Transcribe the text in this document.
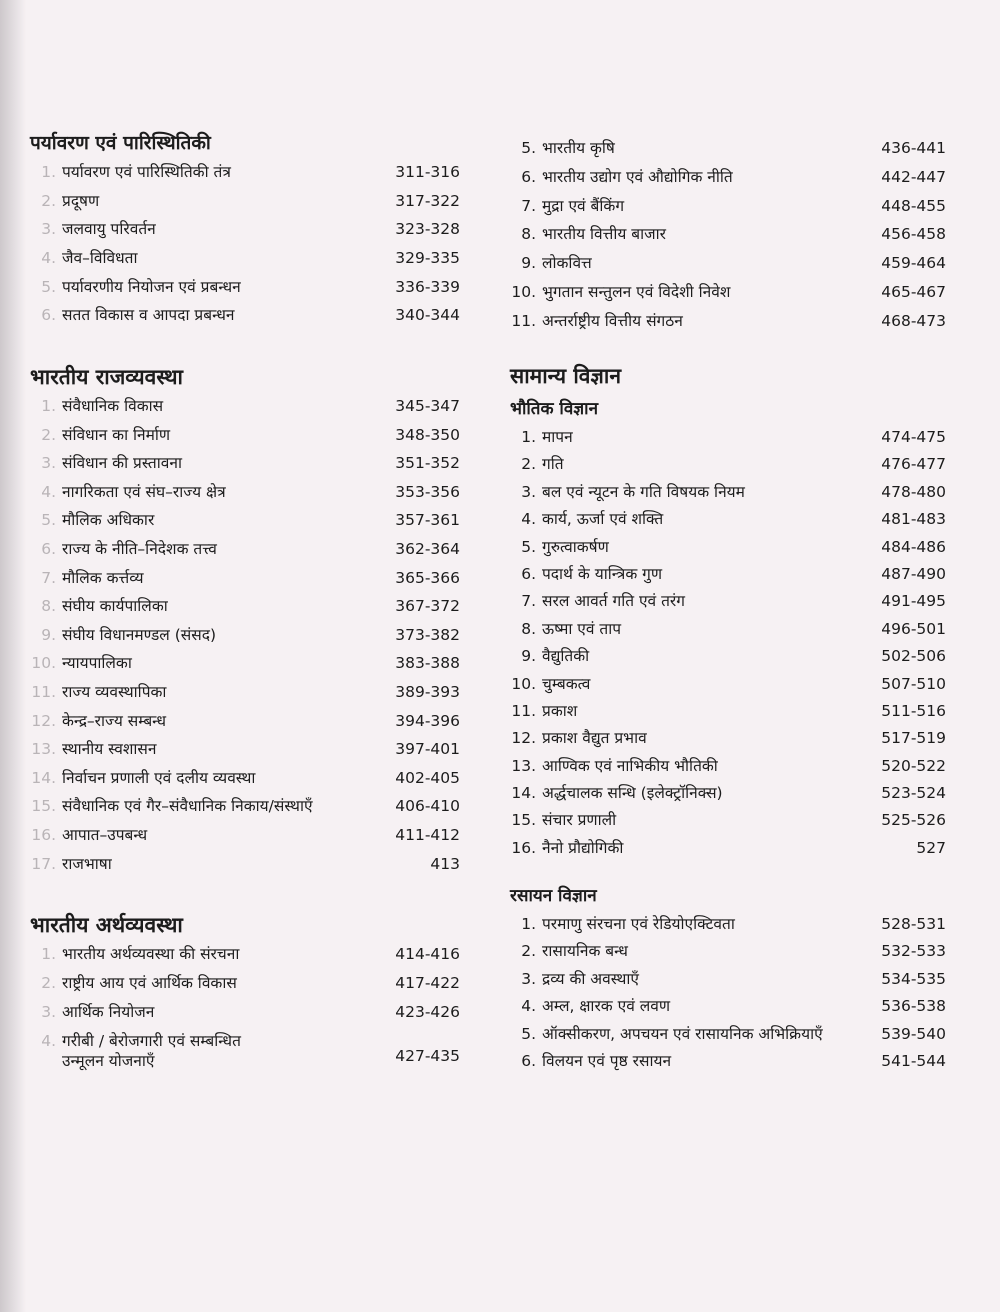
पर्यावरण एवं पारिस्थितिकी
1. पर्यावरण एवं पारिस्थितिकी तंत्र	311-316
2. प्रदूषण	317-322
3. जलवायु परिवर्तन	323-328
4. जैव–विविधता	329-335
5. पर्यावरणीय नियोजन एवं प्रबन्धन	336-339
6. सतत विकास व आपदा प्रबन्धन	340-344
भारतीय राजव्यवस्था
1. संवैधानिक विकास	345-347
2. संविधान का निर्माण	348-350
3. संविधान की प्रस्तावना	351-352
4. नागरिकता एवं संघ–राज्य क्षेत्र	353-356
5. मौलिक अधिकार	357-361
6. राज्य के नीति–निदेशक तत्त्व	362-364
7. मौलिक कर्त्तव्य	365-366
8. संघीय कार्यपालिका	367-372
9. संघीय विधानमण्डल (संसद)	373-382
10. न्यायपालिका	383-388
11. राज्य व्यवस्थापिका	389-393
12. केन्द्र–राज्य सम्बन्ध	394-396
13. स्थानीय स्वशासन	397-401
14. निर्वाचन प्रणाली एवं दलीय व्यवस्था	402-405
15. संवैधानिक एवं गैर–संवैधानिक निकाय/संस्थाएँ	406-410
16. आपात–उपबन्ध	411-412
17. राजभाषा	413
भारतीय अर्थव्यवस्था
1. भारतीय अर्थव्यवस्था की संरचना	414-416
2. राष्ट्रीय आय एवं आर्थिक विकास	417-422
3. आर्थिक नियोजन	423-426
4. गरीबी / बेरोजगारी एवं सम्बन्धित
उन्मूलन योजनाएँ	427-435
5. भारतीय कृषि	436-441
6. भारतीय उद्योग एवं औद्योगिक नीति	442-447
7. मुद्रा एवं बैंकिंग	448-455
8. भारतीय वित्तीय बाजार	456-458
9. लोकवित्त	459-464
10. भुगतान सन्तुलन एवं विदेशी निवेश	465-467
11. अन्तर्राष्ट्रीय वित्तीय संगठन	468-473
सामान्य विज्ञान
भौतिक विज्ञान
1. मापन	474-475
2. गति	476-477
3. बल एवं न्यूटन के गति विषयक नियम	478-480
4. कार्य, ऊर्जा एवं शक्ति	481-483
5. गुरुत्वाकर्षण	484-486
6. पदार्थ के यान्त्रिक गुण	487-490
7. सरल आवर्त गति एवं तरंग	491-495
8. ऊष्मा एवं ताप	496-501
9. वैद्युतिकी	502-506
10. चुम्बकत्व	507-510
11. प्रकाश	511-516
12. प्रकाश वैद्युत प्रभाव	517-519
13. आण्विक एवं नाभिकीय भौतिकी	520-522
14. अर्द्धचालक सन्धि (इलेक्ट्रॉनिक्स)	523-524
15. संचार प्रणाली	525-526
16. नैनो प्रौद्योगिकी	527
रसायन विज्ञान
1. परमाणु संरचना एवं रेडियोएक्टिवता	528-531
2. रासायनिक बन्ध	532-533
3. द्रव्य की अवस्थाएँ	534-535
4. अम्ल, क्षारक एवं लवण	536-538
5. ऑक्सीकरण, अपचयन एवं रासायनिक अभिक्रियाएँ	539-540
6. विलयन एवं पृष्ठ रसायन	541-544
